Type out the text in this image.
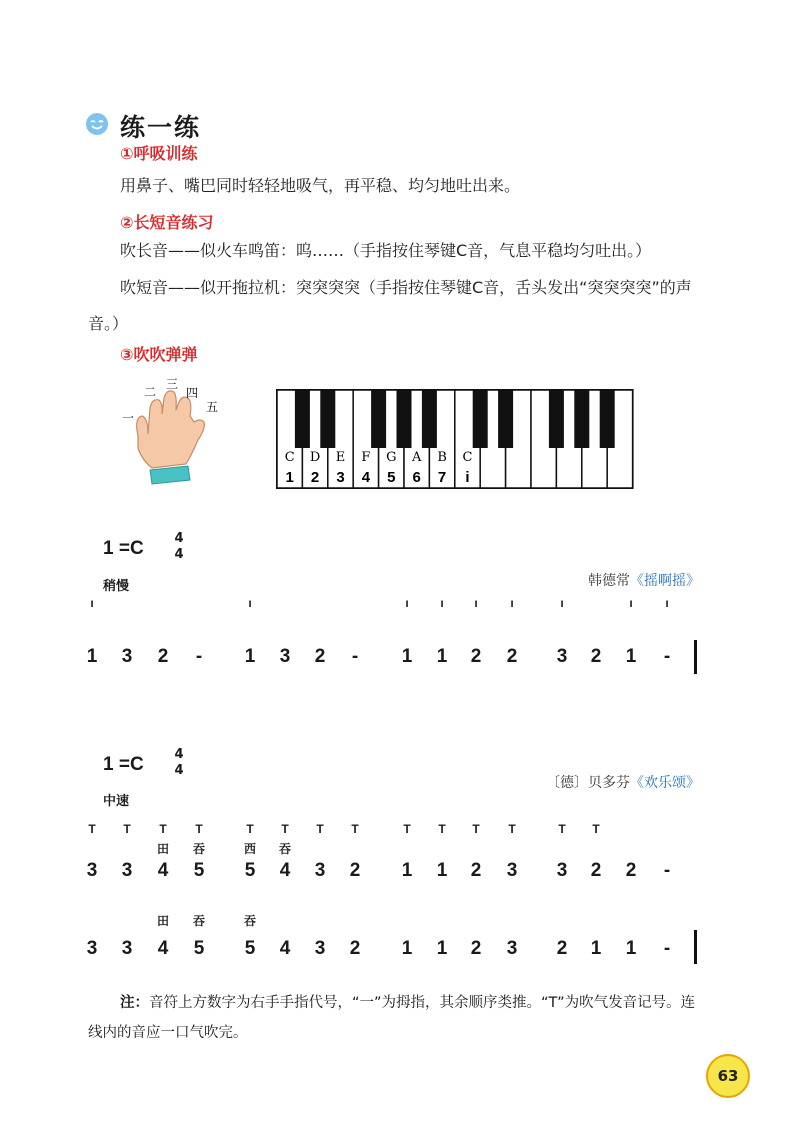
练一练
①呼吸训练
用鼻子、嘴巴同时轻轻地吸气，再平稳、均匀地吐出来。
②长短音练习
吹长音——似火车鸣笛：呜……（手指按住琴键C音，气息平稳均匀吐出。）
吹短音——似开拖拉机：突突突突（手指按住琴键C音，舌头发出“突突突突”的声音。）
③吹吹弹弹
一
二
三
四
五
C
1
D
2
E
3
F
4
G
5
A
6
B
7
C
i
1 =C 4
4
稍慢	韩德常《摇啊摇》
ı	ı	ı	ı	ı	ı	ı	ı	ı
1 3 2	-	1 3 2	-	1 1 2 2 3 2 1	-
1 =C 4
4
〔德〕贝多芬《欢乐颂》
中速
T	T	T	T	T	T	T	T	T	T	T	T	T	T
田	吞	西	吞
3 3 4 5 5 4 3 2 1 1 2 3 3 2 2	-
田	吞	吞
3 3 4 5 5 4 3 2 1 1 2 3 2 1 1	-
注：音符上方数字为右手手指代号，“一”为拇指，其余顺序类推。“T”为吹气发音记号。连线内的音应一口气吹完。
63
